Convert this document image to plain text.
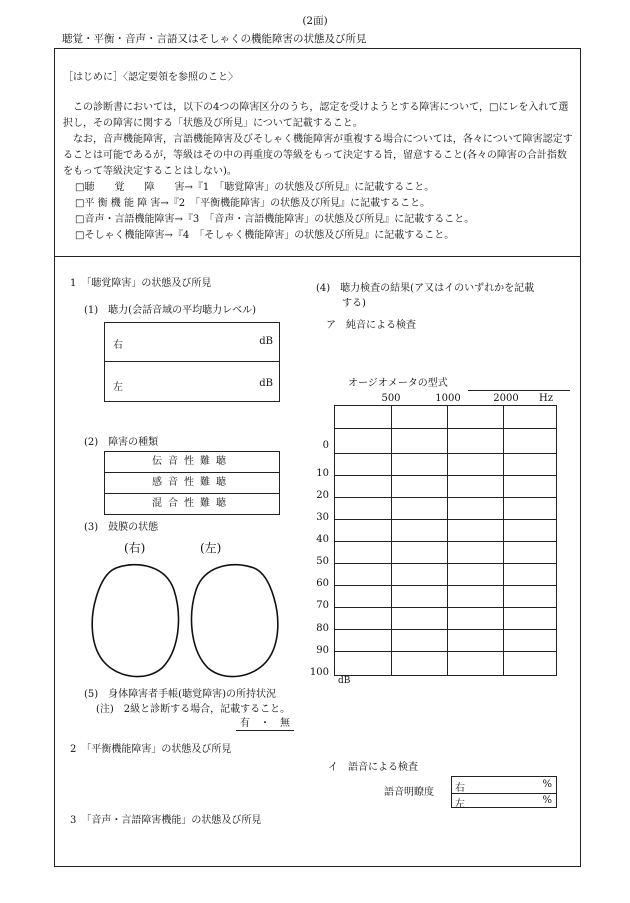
(2面)
聴覚・平衡・音声・言語又はそしゃくの機能障害の状態及び所見

［はじめに］〈認定要領を参照のこと〉

この診断書においては，以下の4つの障害区分のうち，認定を受けようとする障害について，□にレを入れて選択し，その障害に関する「状態及び所見」について記載すること。

なお，音声機能障害，言語機能障害及びそしゃく機能障害が重複する場合については，各々について障害認定することは可能であるが，等級はその中の再重度の等級をもって決定する旨，留意すること(各々の障害の合計指数をもって等級決定することはしない)。

□聴　　覚　　障　　害→『1　「聴覚障害」の状態及び所見』に記載すること。

□平 衡 機 能 障 害→『2　「平衡機能障害」の状態及び所見』に記載すること。

□音声・言語機能障害→『3　「音声・言語機能障害」の状態及び所見』に記載すること。

□そしゃく機能障害→『4　「そしゃく機能障害」の状態及び所見』に記載すること。

1　「聴覚障害」の状態及び所見
(1)　聴力(会話音域の平均聴力レベル)
右	dB
左	dB
(2)　障害の種類
伝音性難聴
感音性難聴
混合性難聴
(3)　鼓膜の状態
(右)	(左)
(5)　身体障害者手帳(聴覚障害)の所持状況
(注)　2級と診断する場合，記載すること。
有　・　無
2　「平衡機能障害」の状態及び所見
3　「音声・言語障害機能」の状態及び所見
(4)　聴力検査の結果(ア又はイのいずれかを記載
する)
ア　純音による検査
オージオメータの型式
500	1000	2000	Hz
0
10
20
30
40
50
60
70
80
90
100
dB
イ　語音による検査
語音明瞭度 右	%
左	%
